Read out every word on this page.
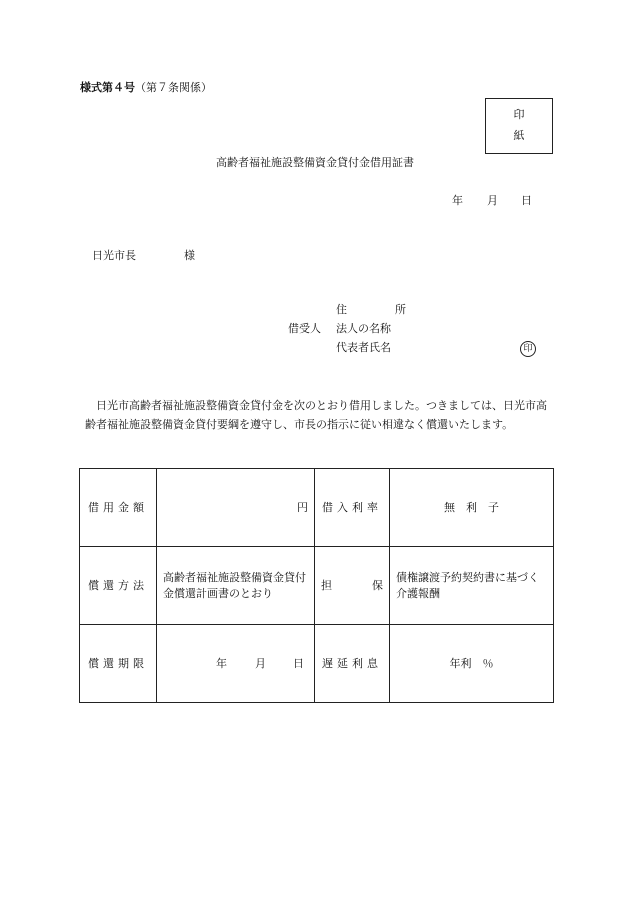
様式第４号（第７条関係）
印
紙
高齢者福祉施設整備資金貸付金借用証書
年 月 日
日光市長	様
借受人
住	所
法人の名称
代表者氏名	印
　日光市高齢者福祉施設整備資金貸付金を次のとおり借用しました。つきましては、日光市高齢者福祉施設整備資金貸付要綱を遵守し、市長の指示に従い相違なく償還いたします。
借用金額	円	借入利率	無　利　子
償還方法	高齢者福祉施設整備資金貸付金償還計画書のとおり	担 保	債権譲渡予約契約書に基づく介護報酬
償還期限	年 月 日	遅延利息	年利　％
